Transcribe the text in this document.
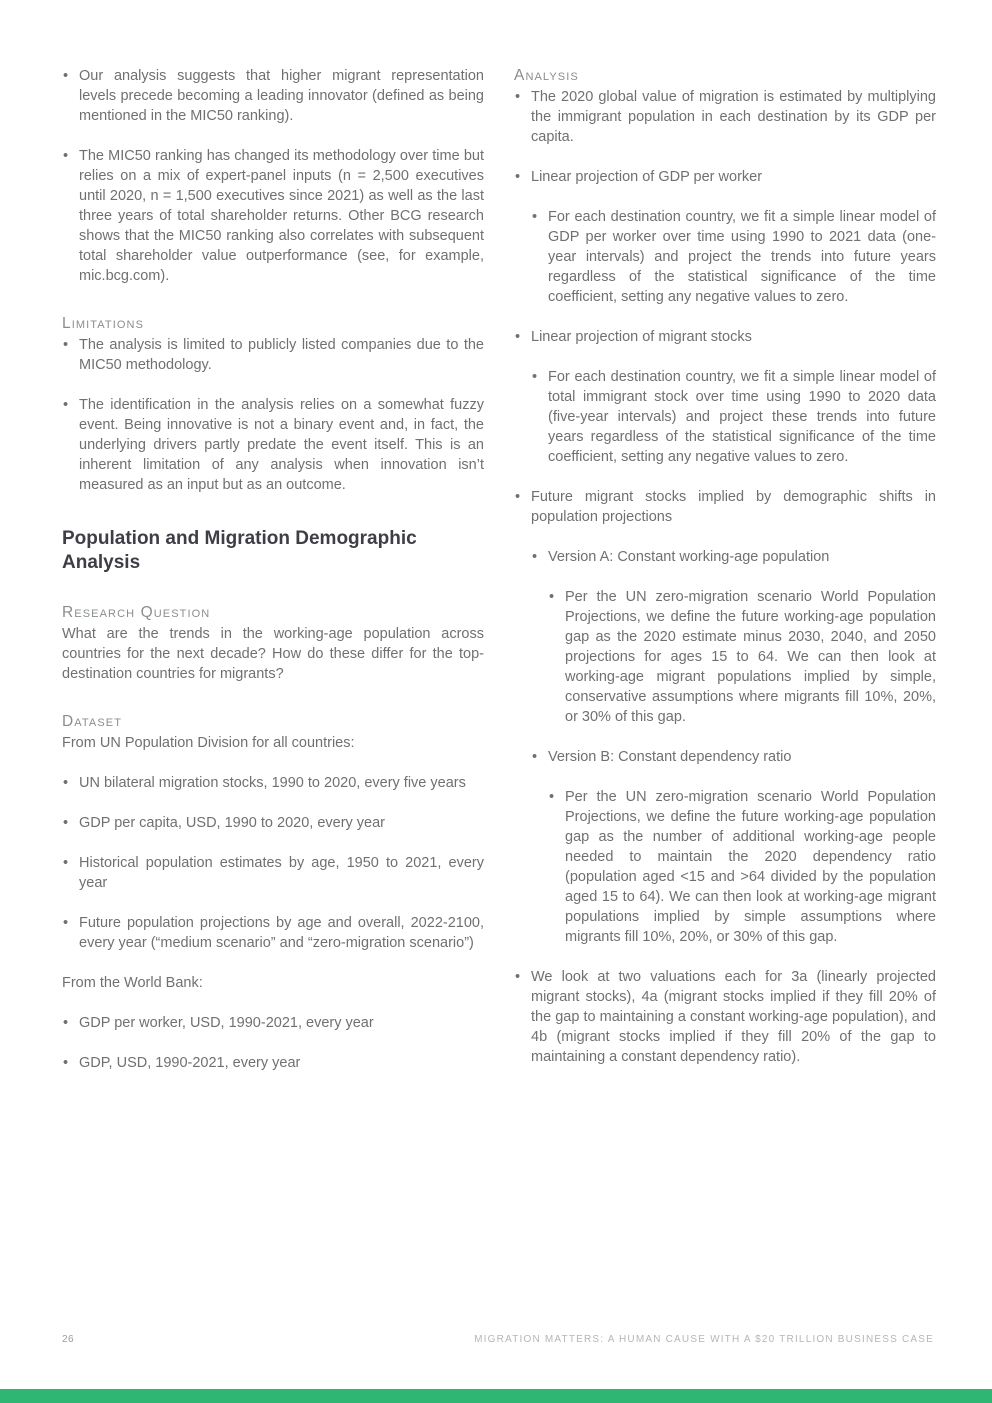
• Our analysis suggests that higher migrant representation levels precede becoming a leading innovator (defined as being mentioned in the MIC50 ranking).
• The MIC50 ranking has changed its methodology over time but relies on a mix of expert-panel inputs (n = 2,500 executives until 2020, n = 1,500 executives since 2021) as well as the last three years of total shareholder returns. Other BCG research shows that the MIC50 ranking also correlates with subsequent total shareholder value outperformance (see, for example, mic.bcg.com).
Limitations
• The analysis is limited to publicly listed companies due to the MIC50 methodology.
• The identification in the analysis relies on a somewhat fuzzy event. Being innovative is not a binary event and, in fact, the underlying drivers partly predate the event itself. This is an inherent limitation of any analysis when innovation isn’t measured as an input but as an outcome.
Population and Migration Demographic Analysis
Research Question

What are the trends in the working-age population across countries for the next decade? How do these differ for the top-destination countries for migrants?

Dataset

From UN Population Division for all countries:

• UN bilateral migration stocks, 1990 to 2020, every five years
• GDP per capita, USD, 1990 to 2020, every year
• Historical population estimates by age, 1950 to 2021, every year
• Future population projections by age and overall, 2022-2100, every year (“medium scenario” and “zero-migration scenario”)

From the World Bank:

• GDP per worker, USD, 1990-2021, every year
• GDP, USD, 1990-2021, every year
Analysis
• The 2020 global value of migration is estimated by multiplying the immigrant population in each destination by its GDP per capita.
• Linear projection of GDP per worker
• For each destination country, we fit a simple linear model of GDP per worker over time using 1990 to 2021 data (one-year intervals) and project the trends into future years regardless of the statistical significance of the time coefficient, setting any negative values to zero.
• Linear projection of migrant stocks
• For each destination country, we fit a simple linear model of total immigrant stock over time using 1990 to 2020 data (five-year intervals) and project these trends into future years regardless of the statistical significance of the time coefficient, setting any negative values to zero.
• Future migrant stocks implied by demographic shifts in population projections
• Version A: Constant working-age population
• Per the UN zero-migration scenario World Population Projections, we define the future working-age population gap as the 2020 estimate minus 2030, 2040, and 2050 projections for ages 15 to 64. We can then look at working-age migrant populations implied by simple, conservative assumptions where migrants fill 10%, 20%, or 30% of this gap.
• Version B: Constant dependency ratio
• Per the UN zero-migration scenario World Population Projections, we define the future working-age population gap as the number of additional working-age people needed to maintain the 2020 dependency ratio (population aged <15 and >64 divided by the population aged 15 to 64). We can then look at working-age migrant populations implied by simple assumptions where migrants fill 10%, 20%, or 30% of this gap.
• We look at two valuations each for 3a (linearly projected migrant stocks), 4a (migrant stocks implied if they fill 20% of the gap to maintaining a constant working-age population), and 4b (migrant stocks implied if they fill 20% of the gap to maintaining a constant dependency ratio).
26	MIGRATION MATTERS: A HUMAN CAUSE WITH A $20 TRILLION BUSINESS CASE
